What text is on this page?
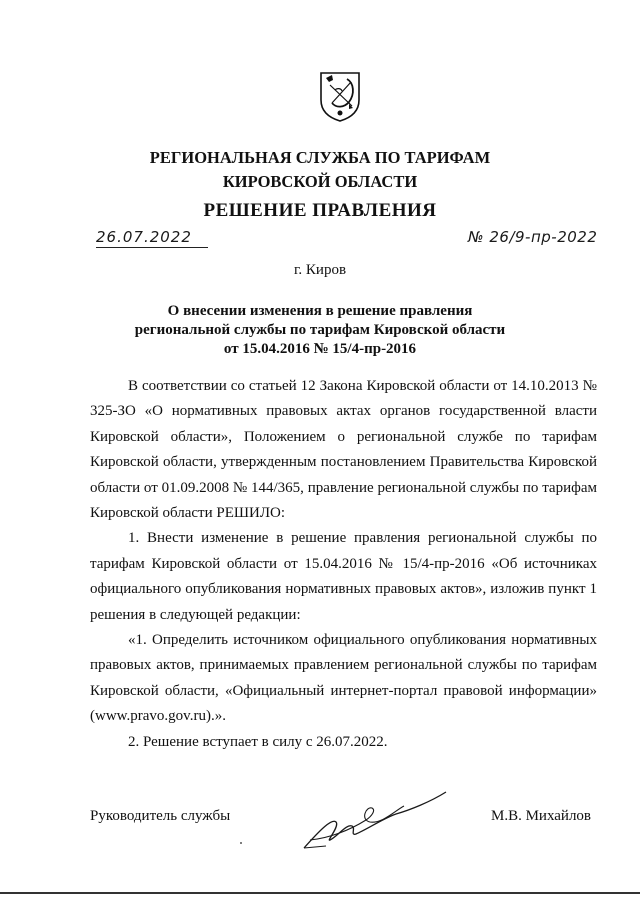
РЕГИОНАЛЬНАЯ СЛУЖБА ПО ТАРИФАМ
КИРОВСКОЙ ОБЛАСТИ
РЕШЕНИЕ ПРАВЛЕНИЯ
26.07.2022	№ 26/9-пр-2022
г. Киров
О внесении изменения в решение правления
региональной службы по тарифам Кировской области
от 15.04.2016 № 15/4-пр-2016

В соответствии со статьей 12 Закона Кировской области от 14.10.2013 № 325-ЗО «О нормативных правовых актах органов государственной власти Кировской области», Положением о региональной службе по тарифам Кировской области, утвержденным постановлением Правительства Кировской области от 01.09.2008 № 144/365, правление региональной службы по тарифам Кировской области РЕШИЛО:

1. Внести изменение в решение правления региональной службы по тарифам Кировской области от 15.04.2016 № 15/4-пр-2016 «Об источниках официального опубликования нормативных правовых актов», изложив пункт 1 решения в следующей редакции:

«1. Определить источником официального опубликования нормативных правовых актов, принимаемых правлением региональной службы по тарифам Кировской области, «Официальный интернет-портал правовой информации» (www.pravo.gov.ru).».

2. Решение вступает в силу с 26.07.2022.

Руководитель службы	М.В. Михайлов
